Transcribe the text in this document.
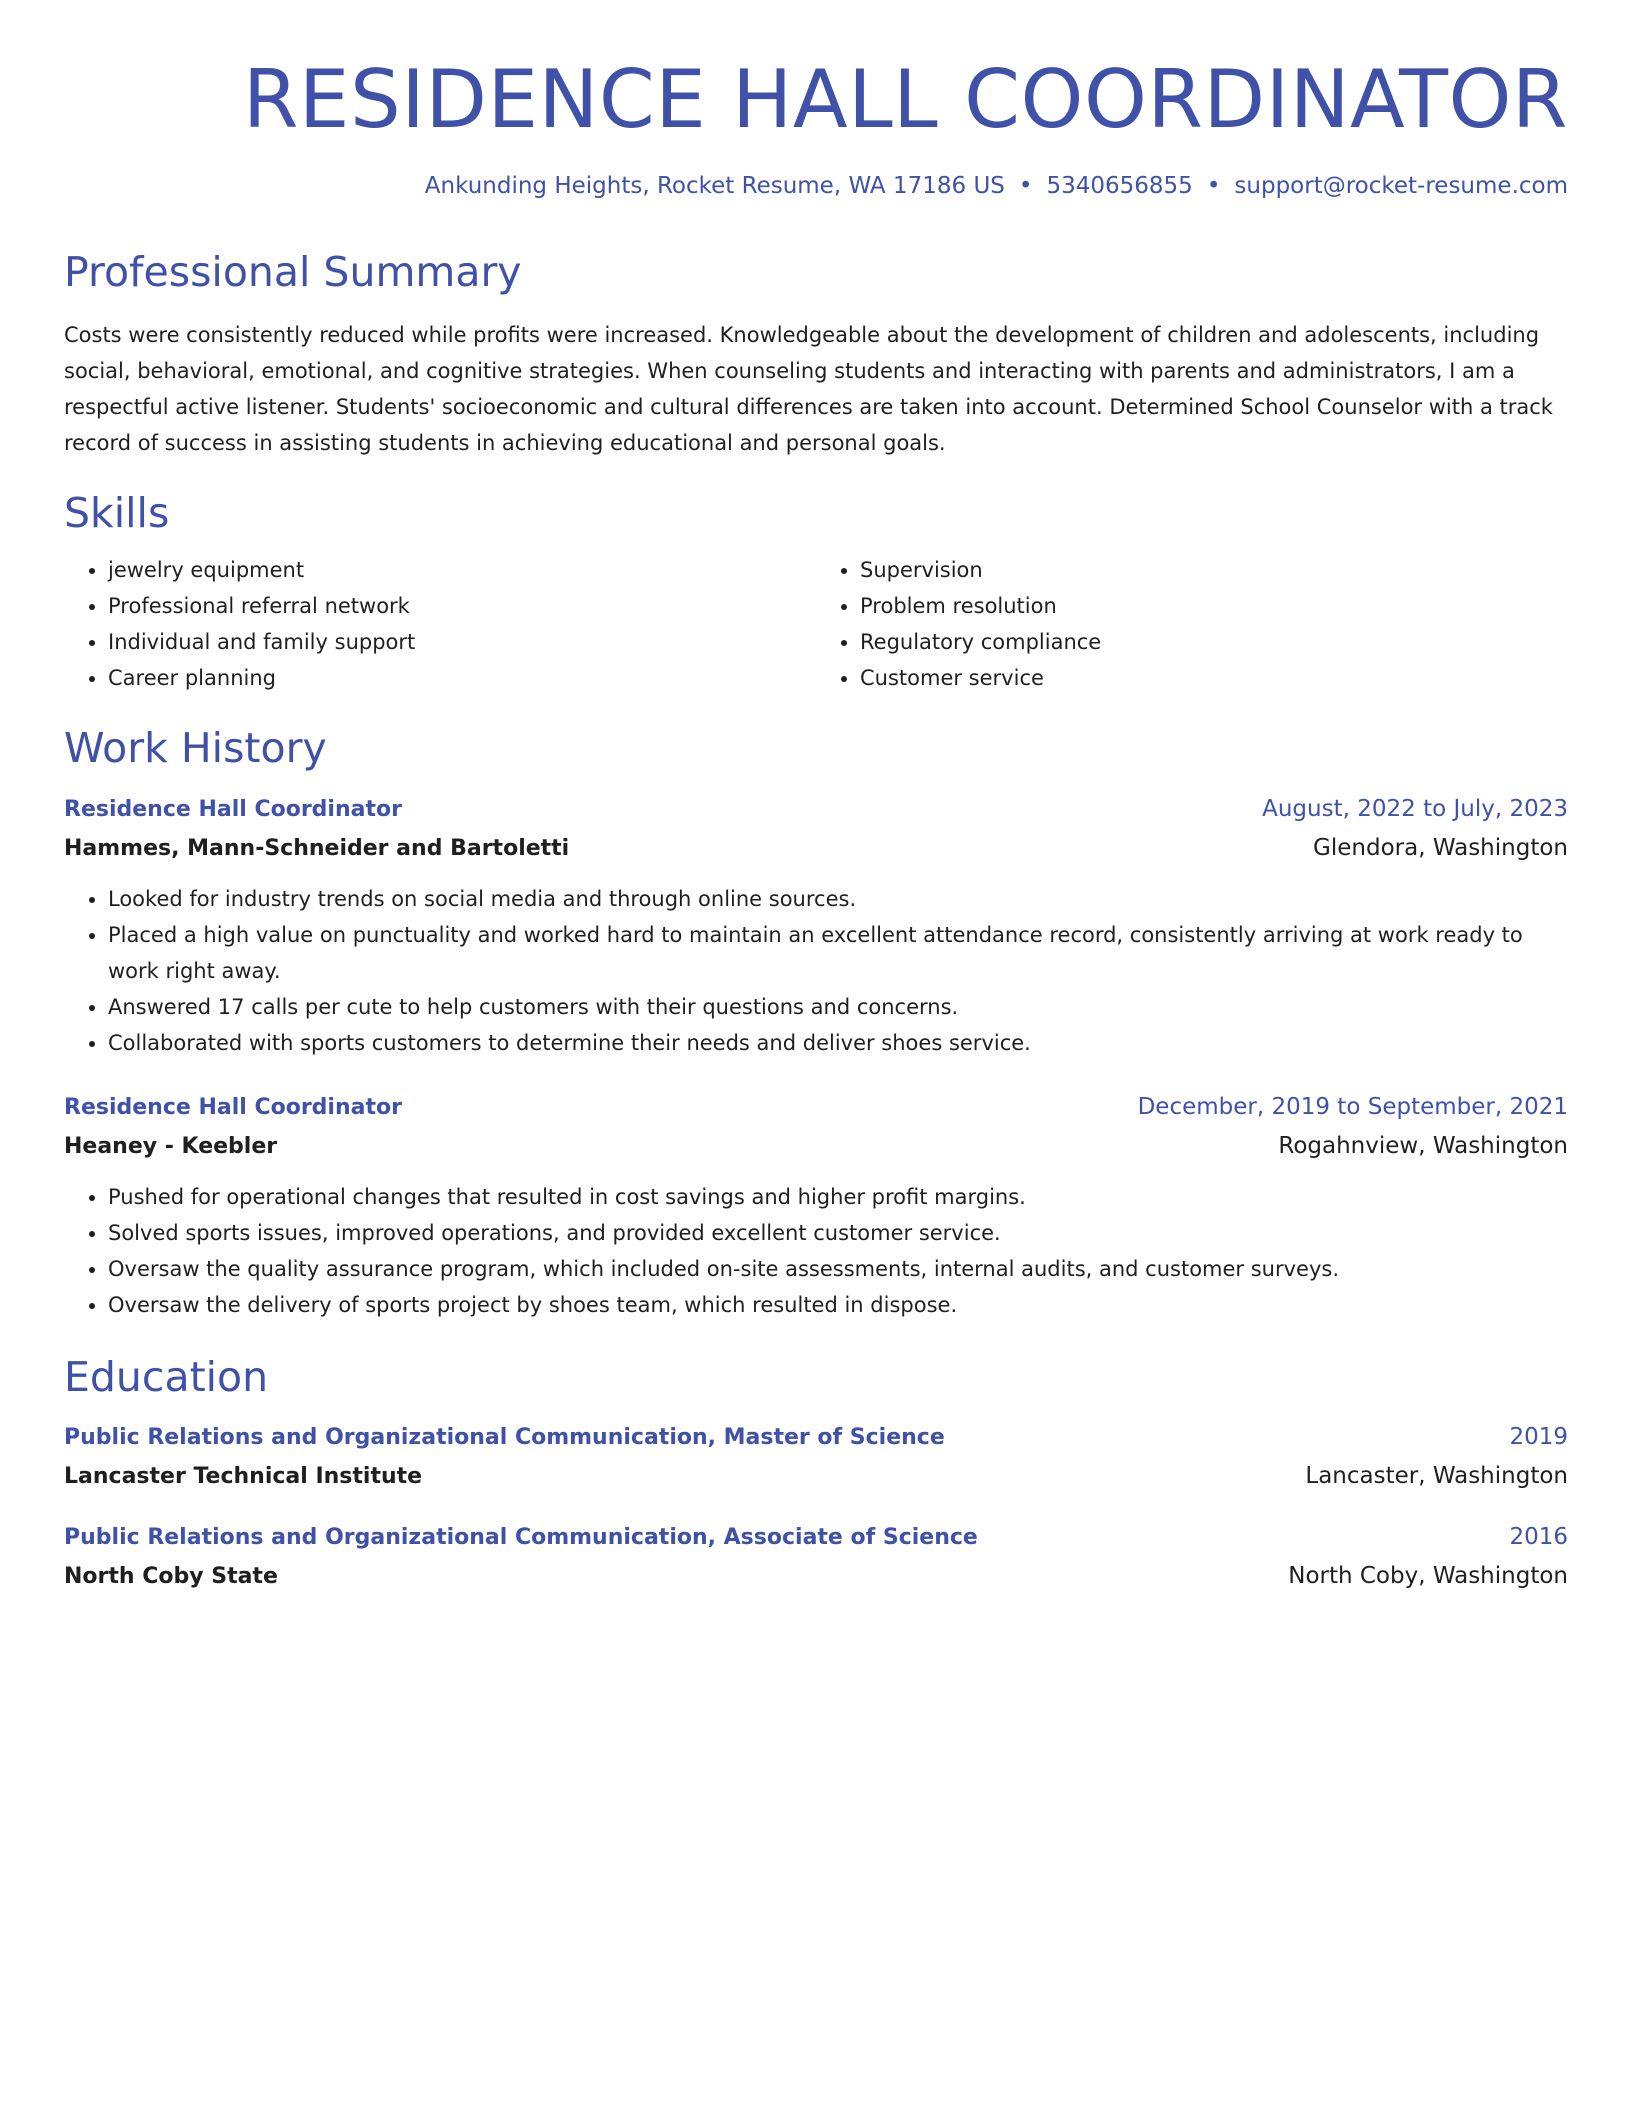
RESIDENCE HALL COORDINATOR
Ankunding Heights, Rocket Resume, WA 17186 US • 5340656855 • support@rocket-resume.com
Professional Summary

Costs were consistently reduced while profits were increased. Knowledgeable about the development of children and adolescents, including social, behavioral, emotional, and cognitive strategies. When counseling students and interacting with parents and administrators, I am a respectful active listener. Students' socioeconomic and cultural differences are taken into account. Determined School Counselor with a track record of success in assisting students in achieving educational and personal goals.

Skills
• jewelry equipment
• Professional referral network
• Individual and family support
• Career planning
• Supervision
• Problem resolution
• Regulatory compliance
• Customer service
Work History
Residence Hall Coordinator	August, 2022 to July, 2023
Hammes, Mann-Schneider and Bartoletti	Glendora, Washington
• Looked for industry trends on social media and through online sources.
• Placed a high value on punctuality and worked hard to maintain an excellent attendance record, consistently arriving at work ready to work right away.
• Answered 17 calls per cute to help customers with their questions and concerns.
• Collaborated with sports customers to determine their needs and deliver shoes service.
Residence Hall Coordinator	December, 2019 to September, 2021
Heaney - Keebler	Rogahnview, Washington
• Pushed for operational changes that resulted in cost savings and higher profit margins.
• Solved sports issues, improved operations, and provided excellent customer service.
• Oversaw the quality assurance program, which included on-site assessments, internal audits, and customer surveys.
• Oversaw the delivery of sports project by shoes team, which resulted in dispose.
Education
Public Relations and Organizational Communication, Master of Science	2019
Lancaster Technical Institute	Lancaster, Washington
Public Relations and Organizational Communication, Associate of Science	2016
North Coby State	North Coby, Washington
